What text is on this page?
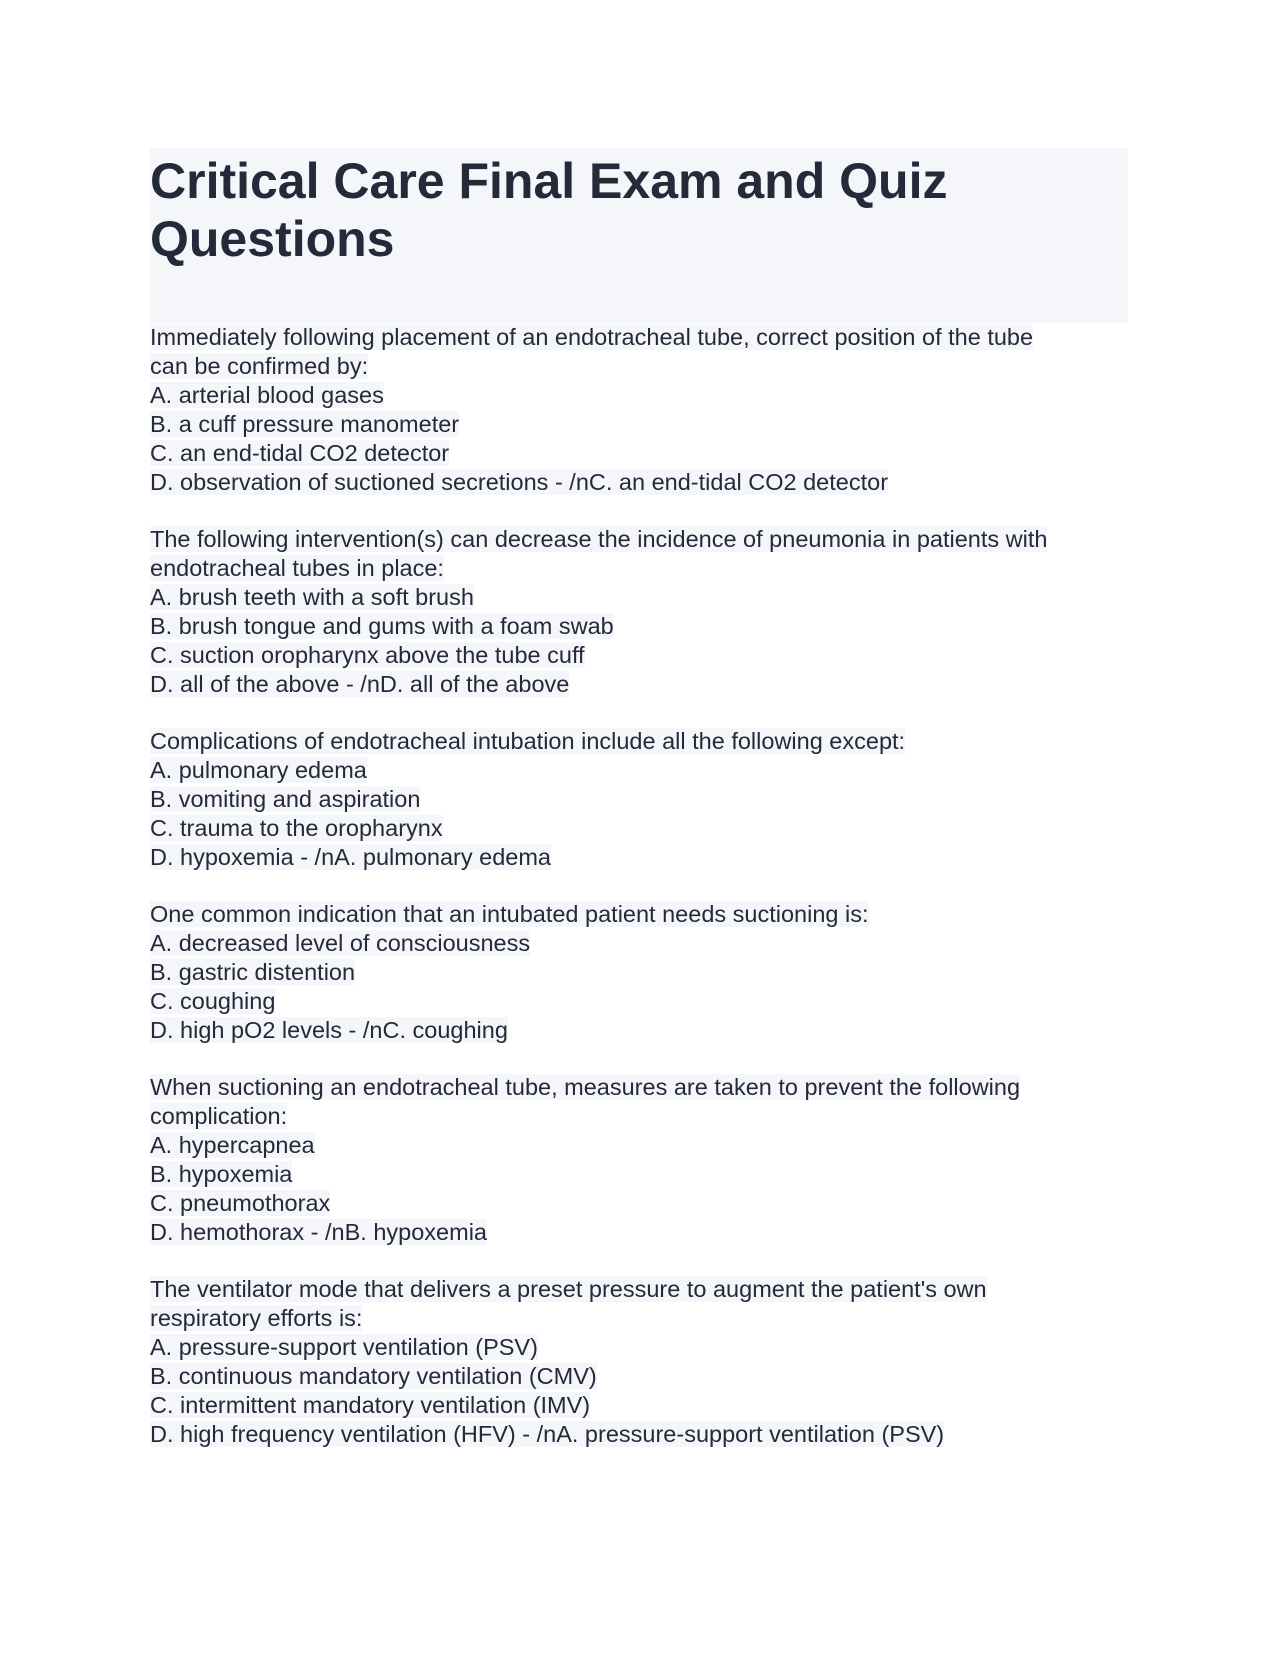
Critical Care Final Exam and Quiz Questions
Immediately following placement of an endotracheal tube, correct position of the tube
can be confirmed by:
A. arterial blood gases
B. a cuff pressure manometer
C. an end-tidal CO2 detector
D. observation of suctioned secretions - /nC. an end-tidal CO2 detector
The following intervention(s) can decrease the incidence of pneumonia in patients with
endotracheal tubes in place:
A. brush teeth with a soft brush
B. brush tongue and gums with a foam swab
C. suction oropharynx above the tube cuff
D. all of the above - /nD. all of the above
Complications of endotracheal intubation include all the following except:
A. pulmonary edema
B. vomiting and aspiration
C. trauma to the oropharynx
D. hypoxemia - /nA. pulmonary edema
One common indication that an intubated patient needs suctioning is:
A. decreased level of consciousness
B. gastric distention
C. coughing
D. high pO2 levels - /nC. coughing
When suctioning an endotracheal tube, measures are taken to prevent the following
complication:
A. hypercapnea
B. hypoxemia
C. pneumothorax
D. hemothorax - /nB. hypoxemia
The ventilator mode that delivers a preset pressure to augment the patient's own
respiratory efforts is:
A. pressure-support ventilation (PSV)
B. continuous mandatory ventilation (CMV)
C. intermittent mandatory ventilation (IMV)
D. high frequency ventilation (HFV) - /nA. pressure-support ventilation (PSV)
